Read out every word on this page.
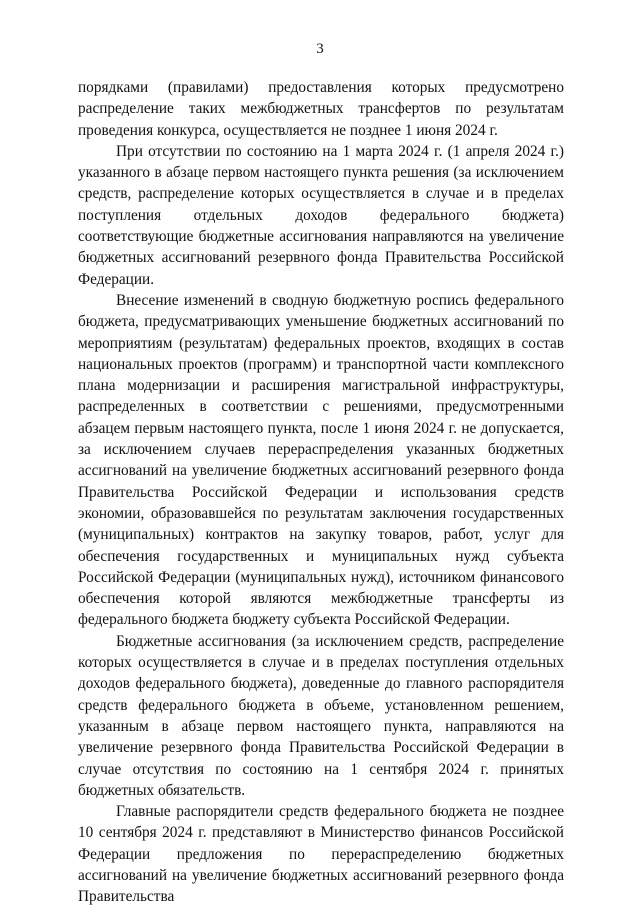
3

порядками (правилами) предоставления которых предусмотрено распределение таких межбюджетных трансфертов по результатам проведения конкурса, осуществляется не позднее 1 июня 2024 г.

При отсутствии по состоянию на 1 марта 2024 г. (1 апреля 2024 г.) указанного в абзаце первом настоящего пункта решения (за исключением средств, распределение которых осуществляется в случае и в пределах поступления отдельных доходов федерального бюджета) соответствующие бюджетные ассигнования направляются на увеличение бюджетных ассигнований резервного фонда Правительства Российской Федерации.

Внесение изменений в сводную бюджетную роспись федерального бюджета, предусматривающих уменьшение бюджетных ассигнований по мероприятиям (результатам) федеральных проектов, входящих в состав национальных проектов (программ) и транспортной части комплексного плана модернизации и расширения магистральной инфраструктуры, распределенных в соответствии с решениями, предусмотренными абзацем первым настоящего пункта, после 1 июня 2024 г. не допускается, за исключением случаев перераспределения указанных бюджетных ассигнований на увеличение бюджетных ассигнований резервного фонда Правительства Российской Федерации и использования средств экономии, образовавшейся по результатам заключения государственных (муниципальных) контрактов на закупку товаров, работ, услуг для обеспечения государственных и муниципальных нужд субъекта Российской Федерации (муниципальных нужд), источником финансового обеспечения которой являются межбюджетные трансферты из федерального бюджета бюджету субъекта Российской Федерации.

Бюджетные ассигнования (за исключением средств, распределение которых осуществляется в случае и в пределах поступления отдельных доходов федерального бюджета), доведенные до главного распорядителя средств федерального бюджета в объеме, установленном решением, указанным в абзаце первом настоящего пункта, направляются на увеличение резервного фонда Правительства Российской Федерации в случае отсутствия по состоянию на 1 сентября 2024 г. принятых бюджетных обязательств.

Главные распорядители средств федерального бюджета не позднее 10 сентября 2024 г. представляют в Министерство финансов Российской Федерации предложения по перераспределению бюджетных ассигнований на увеличение бюджетных ассигнований резервного фонда Правительства
